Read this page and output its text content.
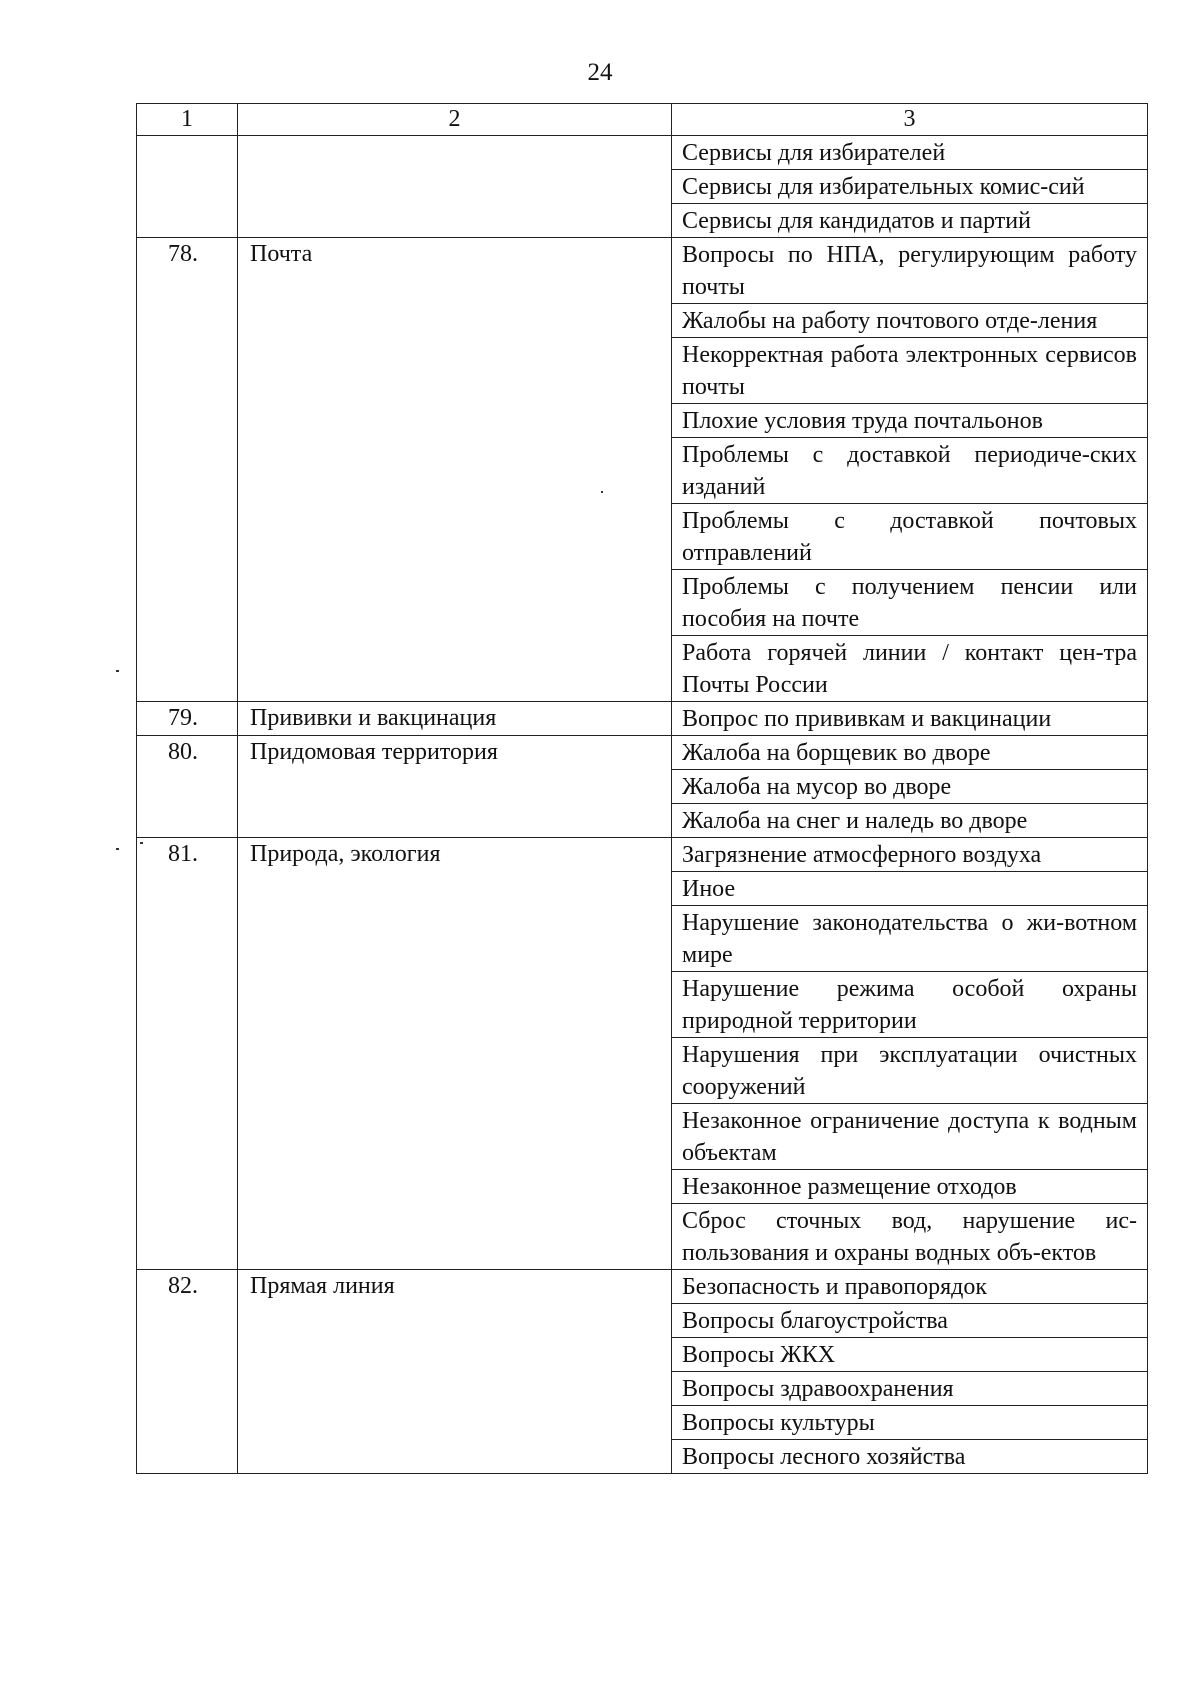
24
1	2	3
		Сервисы для избирателей
		Сервисы для избирательных комис-сий
		Сервисы для кандидатов и партий
78.	Почта	Вопросы по НПА, регулирующим работу почты
		Жалобы на работу почтового отде-ления
		Некорректная работа электронных сервисов почты
		Плохие условия труда почтальонов
		Проблемы с доставкой периодиче-ских изданий
		Проблемы с доставкой почтовых отправлений
		Проблемы с получением пенсии или пособия на почте
		Работа горячей линии / контакт цен-тра Почты России
79.	Прививки и вакцинация	Вопрос по прививкам и вакцинации
80.	Придомовая территория	Жалоба на борщевик во дворе
		Жалоба на мусор во дворе
		Жалоба на снег и наледь во дворе
81.	Природа, экология	Загрязнение атмосферного воздуха
		Иное
		Нарушение законодательства о жи-вотном мире
		Нарушение режима особой охраны природной территории
		Нарушения при эксплуатации очистных сооружений
		Незаконное ограничение доступа к водным объектам
		Незаконное размещение отходов
		Сброс сточных вод, нарушение ис-пользования и охраны водных объ-ектов
82.	Прямая линия	Безопасность и правопорядок
		Вопросы благоустройства
		Вопросы ЖКХ
		Вопросы здравоохранения
		Вопросы культуры
		Вопросы лесного хозяйства
